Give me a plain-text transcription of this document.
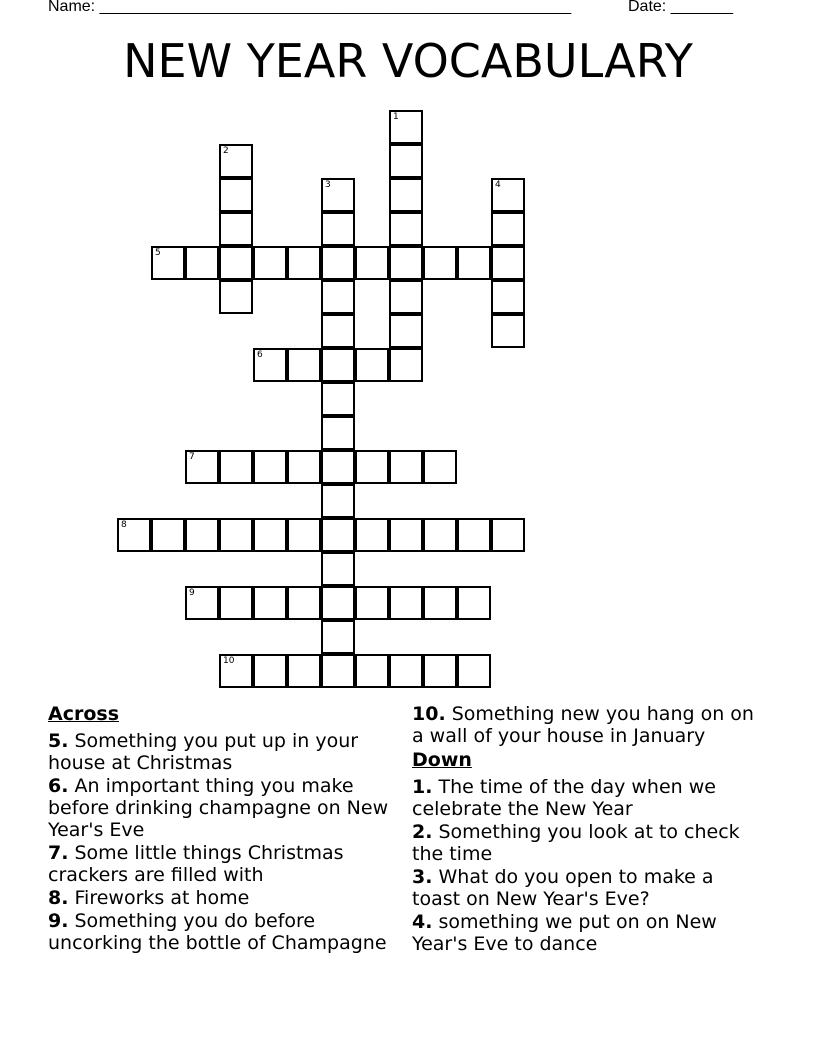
Name: _____________________________________________________	Date: _______
NEW YEAR VOCABULARY
1
2
3	4
5
6
7
8
9
10
Across
5. Something you put up in your house at Christmas
6. An important thing you make before drinking champagne on New Year's Eve
7. Some little things Christmas crackers are filled with
8. Fireworks at home
9. Something you do before uncorking the bottle of Champagne
10. Something new you hang on on a wall of your house in January
Down
1. The time of the day when we celebrate the New Year
2. Something you look at to check the time
3. What do you open to make a toast on New Year's Eve?
4. something we put on on New Year's Eve to dance
